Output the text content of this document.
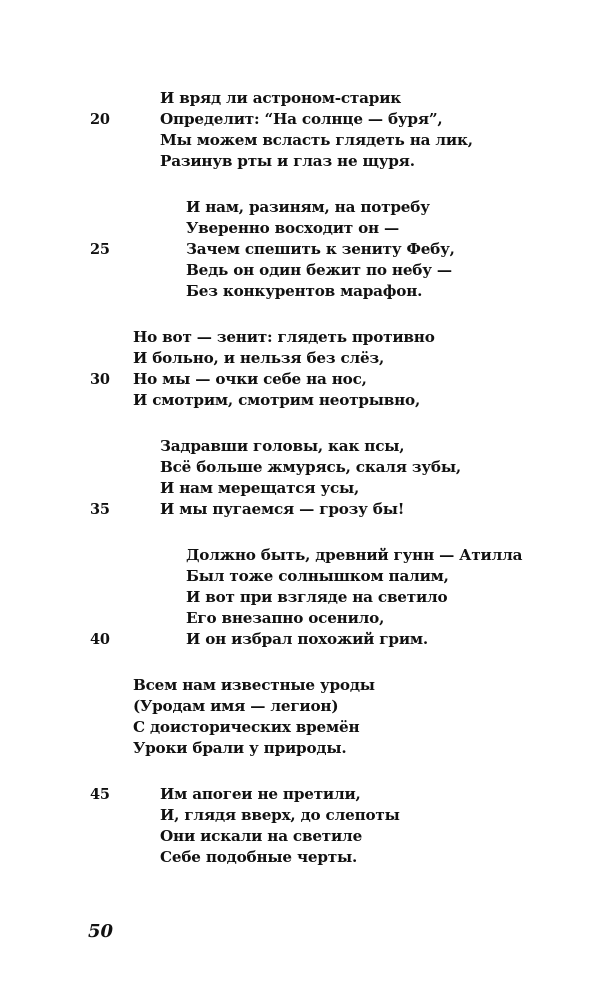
И вряд ли астроном-старик
20	Определит: “На солнце — буря”,
Мы можем всласть глядеть на лик,
Разинув рты и глаз не щуря.
И нам, разиням, на потребу
Уверенно восходит он —
25	Зачем спешить к зениту Фебу,
Ведь он один бежит по небу —
Без конкурентов марафон.
Но вот — зенит: глядеть противно
И больно, и нельзя без слёз,
30	Но мы — очки себе на нос,
И смотрим, смотрим неотрывно,
Задравши головы, как псы,
Всё больше жмурясь, скаля зубы,
И нам мерещатся усы,
35	И мы пугаемся — грозу бы!
Должно быть, древний гунн — Атилла
Был тоже солнышком палим,
И вот при взгляде на светило
Его внезапно осенило,
40	И он избрал похожий грим.
Всем нам известные уроды
(Уродам имя — легион)
С доисторических времён
Уроки брали у природы.
45	Им апогеи не претили,
И, глядя вверх, до слепоты
Они искали на светиле
Себе подобные черты.
50
